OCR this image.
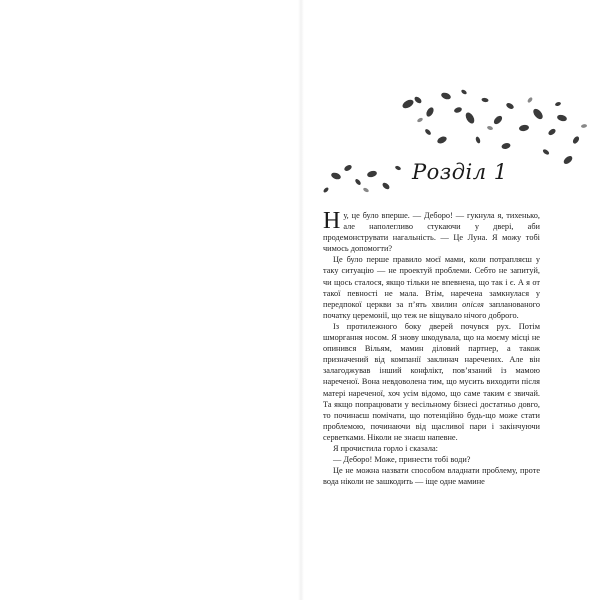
Розділ 1

Ну, це було вперше. — Деборо! — гукнула я, тихенько, але наполегливо стукаючи у двері, аби продемонструвати нагальність. — Це Луна. Я можу тобі чимось допомогти?

Це було перше правило моєї мами, коли потрапляєш у таку ситуацію — не проектуй проблеми. Себто не запитуй, чи щось сталося, якщо тільки не впевнена, що так і є. А я от такої певності не мала. Втім, наречена замкнулася у передпокої церкви за п’ять хвилин опісля запланованого початку церемонії, що теж не віщувало нічого доброго.

Із протилежного боку дверей почувся рух. Потім шморгання носом. Я знову шкодувала, що на моєму місці не опинився Вільям, мамин діловий партнер, а також призначений від компанії заклинач наречених. Але він залагоджував інший конфлікт, пов’язаний із мамою нареченої. Вона невдоволена тим, що мусить виходити після матері нареченої, хоч усім відомо, що саме таким є звичай. Та якщо попрацювати у весільному бізнесі достатньо довго, то починаєш помічати, що потенційно будь-що може стати проблемою, починаючи від щасливої пари і закінчуючи серветками. Ніколи не знаєш напевне.

Я прочистила горло і сказала:

— Деборо! Може, принести тобі води?

Це не можна назвати способом владнати проблему, проте вода ніколи не зашкодить — іще одне мамине
